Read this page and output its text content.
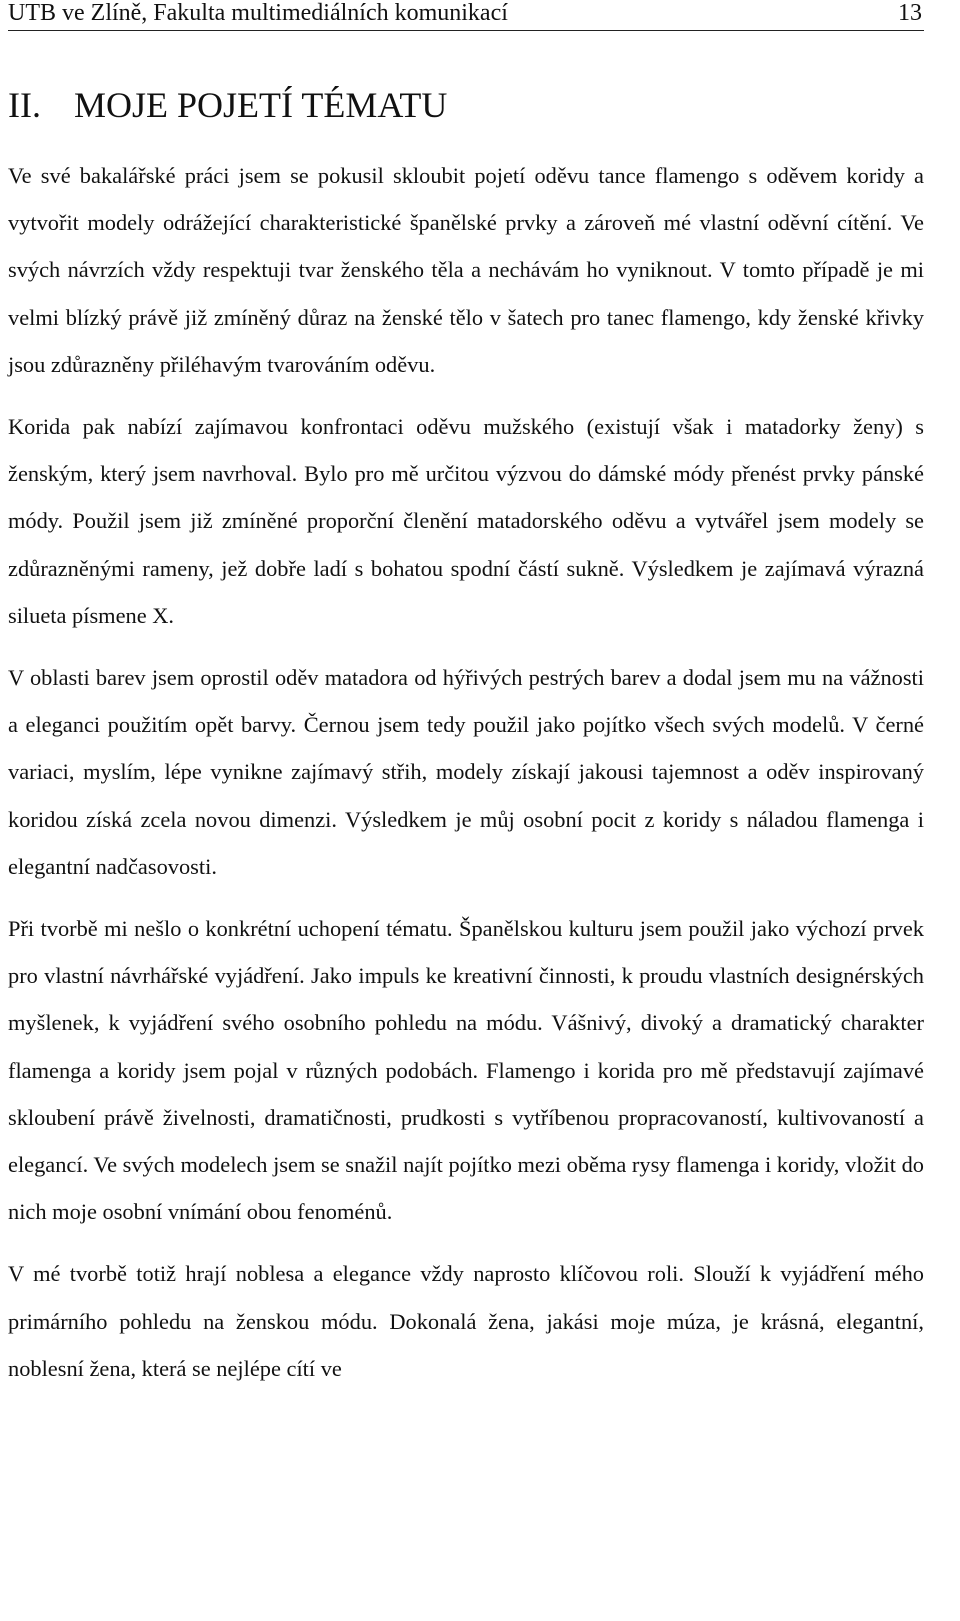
UTB ve Zlíně, Fakulta multimediálních komunikací	13
II. MOJE POJETÍ TÉMATU

Ve své bakalářské práci jsem se pokusil skloubit pojetí oděvu tance flamengo s oděvem koridy a vytvořit modely odrážející charakteristické španělské prvky a zároveň mé vlastní oděvní cítění. Ve svých návrzích vždy respektuji tvar ženského těla a nechávám ho vyniknout. V tomto případě je mi velmi blízký právě již zmíněný důraz na ženské tělo v šatech pro tanec flamengo, kdy ženské křivky jsou zdůrazněny přiléhavým tvarováním oděvu.

Korida pak nabízí zajímavou konfrontaci oděvu mužského (existují však i matadorky ženy) s ženským, který jsem navrhoval. Bylo pro mě určitou výzvou do dámské módy přenést prvky pánské módy. Použil jsem již zmíněné proporční členění matadorského oděvu a vytvářel jsem modely se zdůrazněnými rameny, jež dobře ladí s bohatou spodní částí sukně. Výsledkem je zajímavá výrazná silueta písmene X.

V oblasti barev jsem oprostil oděv matadora od hýřivých pestrých barev a dodal jsem mu na vážnosti a eleganci použitím opět barvy. Černou jsem tedy použil jako pojítko všech svých modelů. V černé variaci, myslím, lépe vynikne zajímavý střih, modely získají jakousi tajemnost a oděv inspirovaný koridou získá zcela novou dimenzi. Výsledkem je můj osobní pocit z koridy s náladou flamenga i elegantní nadčasovosti.

Při tvorbě mi nešlo o konkrétní uchopení tématu. Španělskou kulturu jsem použil jako výchozí prvek pro vlastní návrhářské vyjádření. Jako impuls ke kreativní činnosti, k proudu vlastních designérských myšlenek, k vyjádření svého osobního pohledu na módu. Vášnivý, divoký a dramatický charakter flamenga a koridy jsem pojal v různých podobách. Flamengo i korida pro mě představují zajímavé skloubení právě živelnosti, dramatičnosti, prudkosti s vytříbenou propracovaností, kultivovaností a elegancí. Ve svých modelech jsem se snažil najít pojítko mezi oběma rysy flamenga i koridy, vložit do nich moje osobní vnímání obou fenoménů.

V mé tvorbě totiž hrají noblesa a elegance vždy naprosto klíčovou roli. Slouží k vyjádření mého primárního pohledu na ženskou módu. Dokonalá žena, jakási moje múza, je krásná, elegantní, noblesní žena, která se nejlépe cítí ve
